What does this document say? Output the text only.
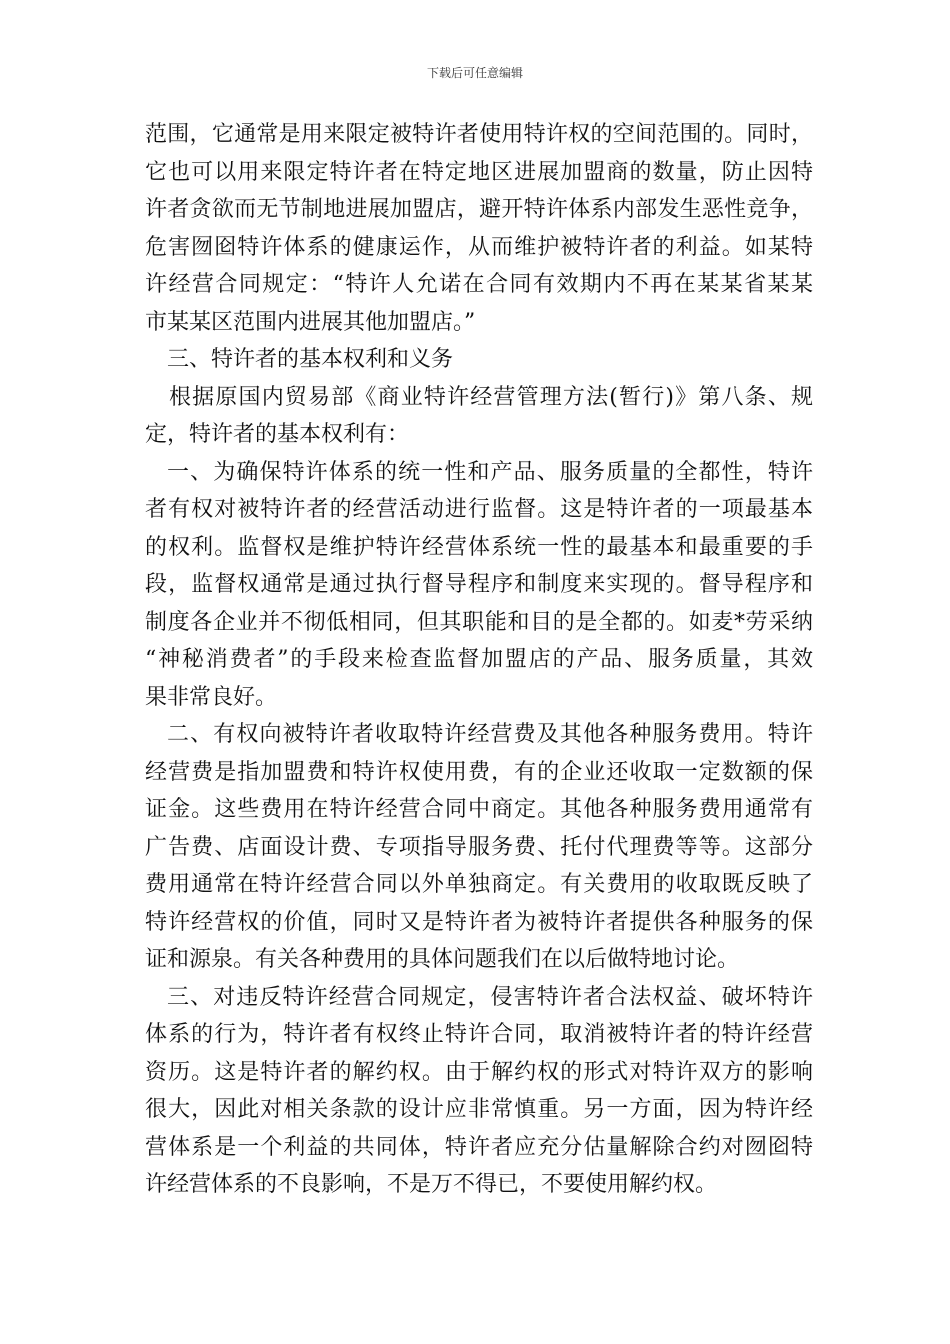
下载后可任意编辑
范围，它通常是用来限定被特许者使用特许权的空间范围的。同时，
它也可以用来限定特许者在特定地区进展加盟商的数量，防止因特
许者贪欲而无节制地进展加盟店，避开特许体系内部发生恶性竞争，
危害囫囵特许体系的健康运作，从而维护被特许者的利益。如某特
许经营合同规定：“特许人允诺在合同有效期内不再在某某省某某
市某某区范围内进展其他加盟店。”
三、特许者的基本权利和义务
根据原国内贸易部《商业特许经营管理方法(暂行)》第八条、规
定，特许者的基本权利有：
一、为确保特许体系的统一性和产品、服务质量的全都性，特许
者有权对被特许者的经营活动进行监督。这是特许者的一项最基本
的权利。监督权是维护特许经营体系统一性的最基本和最重要的手
段，监督权通常是通过执行督导程序和制度来实现的。督导程序和
制度各企业并不彻低相同，但其职能和目的是全都的。如麦*劳采纳
“神秘消费者”的手段来检查监督加盟店的产品、服务质量，其效
果非常良好。
二、有权向被特许者收取特许经营费及其他各种服务费用。特许
经营费是指加盟费和特许权使用费，有的企业还收取一定数额的保
证金。这些费用在特许经营合同中商定。其他各种服务费用通常有
广告费、店面设计费、专项指导服务费、托付代理费等等。这部分
费用通常在特许经营合同以外单独商定。有关费用的收取既反映了
特许经营权的价值，同时又是特许者为被特许者提供各种服务的保
证和源泉。有关各种费用的具体问题我们在以后做特地讨论。
三、对违反特许经营合同规定，侵害特许者合法权益、破坏特许
体系的行为，特许者有权终止特许合同，取消被特许者的特许经营
资历。这是特许者的解约权。由于解约权的形式对特许双方的影响
很大，因此对相关条款的设计应非常慎重。另一方面，因为特许经
营体系是一个利益的共同体，特许者应充分估量解除合约对囫囵特
许经营体系的不良影响，不是万不得已，不要使用解约权。
